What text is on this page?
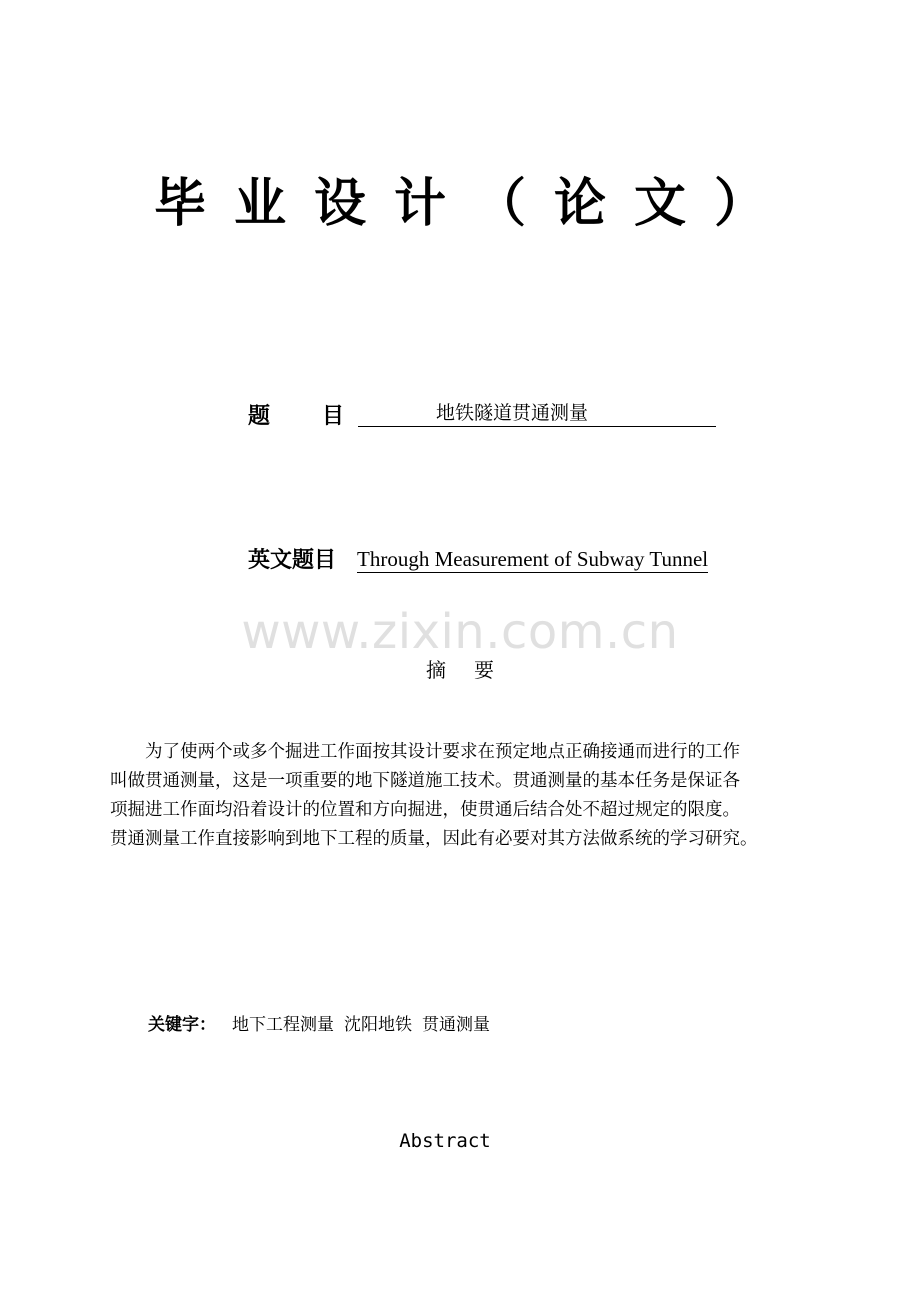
毕 业 设 计 （ 论 文 ）
题 目	地铁隧道贯通测量
英文题目 Through Measurement of Subway Tunnel
www.zixin.com.cn
摘 要

为了使两个或多个掘进工作面按其设计要求在预定地点正确接通而进行的工作

叫做贯通测量，这是一项重要的地下隧道施工技术。贯通测量的基本任务是保证各

项掘进工作面均沿着设计的位置和方向掘进，使贯通后结合处不超过规定的限度。

贯通测量工作直接影响到地下工程的质量，因此有必要对其方法做系统的学习研究。

关键字： 地下工程测量 沈阳地铁 贯通测量
Abstract
